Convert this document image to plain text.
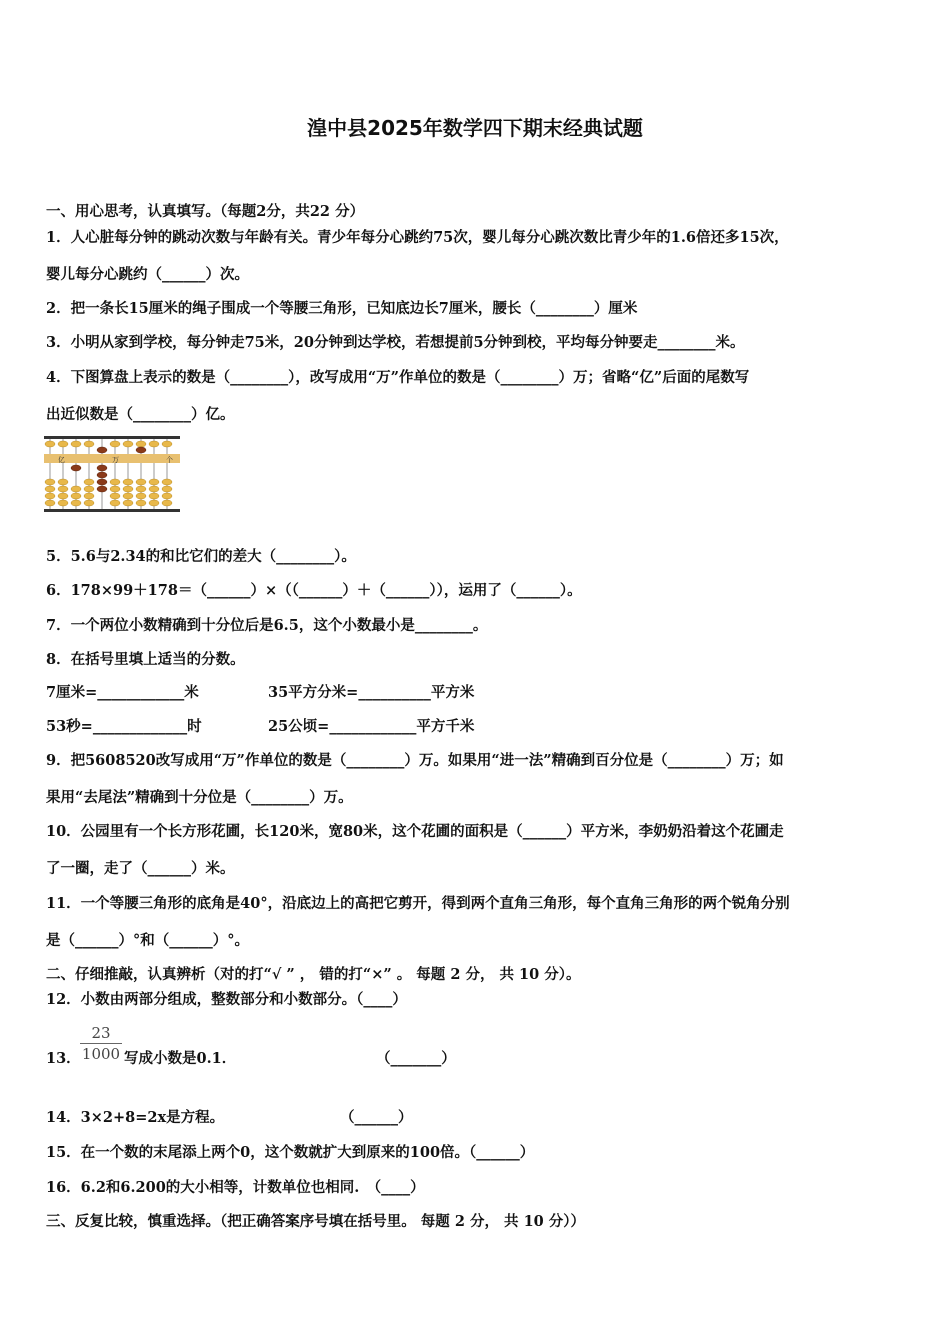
湟中县2025年数学四下期末经典试题
一、用心思考，认真填写。（每题2分，共22 分）
1．人心脏每分钟的跳动次数与年龄有关。青少年每分心跳约75次，婴儿每分心跳次数比青少年的1.6倍还多15次，
婴儿每分心跳约（______）次。
2．把一条长15厘米的绳子围成一个等腰三角形，已知底边长7厘米，腰长（________）厘米
3．小明从家到学校，每分钟走75米，20分钟到达学校，若想提前5分钟到校，平均每分钟要走________米。
4．下图算盘上表示的数是（________），改写成用“万”作单位的数是（________）万；省略“亿”后面的尾数写
出近似数是（________）亿。
亿	万	个
5．5.6与2.34的和比它们的差大（________）。
6．178×99＋178＝（______）×（（______）＋（______）），运用了（______）。
7．一个两位小数精确到十分位后是6.5，这个小数最小是________。
8．在括号里填上适当的分数。
7厘米=____________米	35平方分米=__________平方米
53秒=_____________时	25公顷=____________平方千米
9．把5608520改写成用“万”作单位的数是（________）万。如果用“进一法”精确到百分位是（________）万；如
果用“去尾法”精确到十分位是（________）万。
10．公园里有一个长方形花圃，长120米，宽80米，这个花圃的面积是（______）平方米，李奶奶沿着这个花圃走
了一圈，走了（______）米。
11．一个等腰三角形的底角是40°，沿底边上的高把它剪开，得到两个直角三角形，每个直角三角形的两个锐角分别
是（______）°和（______）°。
二、仔细推敲，认真辨析（对的打“√ ” ， 错的打“×” 。 每题 2 分， 共 10 分）。
12．小数由两部分组成，整数部分和小数部分。（____）
13．
23
1000 写成小数是0.1．	（_______）
14．3×2+8=2x是方程。	（______）
15．在一个数的末尾添上两个0，这个数就扩大到原来的100倍。（______）
16．6.2和6.200的大小相等，计数单位也相同.　（____）
三、反复比较，慎重选择。（把正确答案序号填在括号里。 每题 2 分， 共 10 分））
